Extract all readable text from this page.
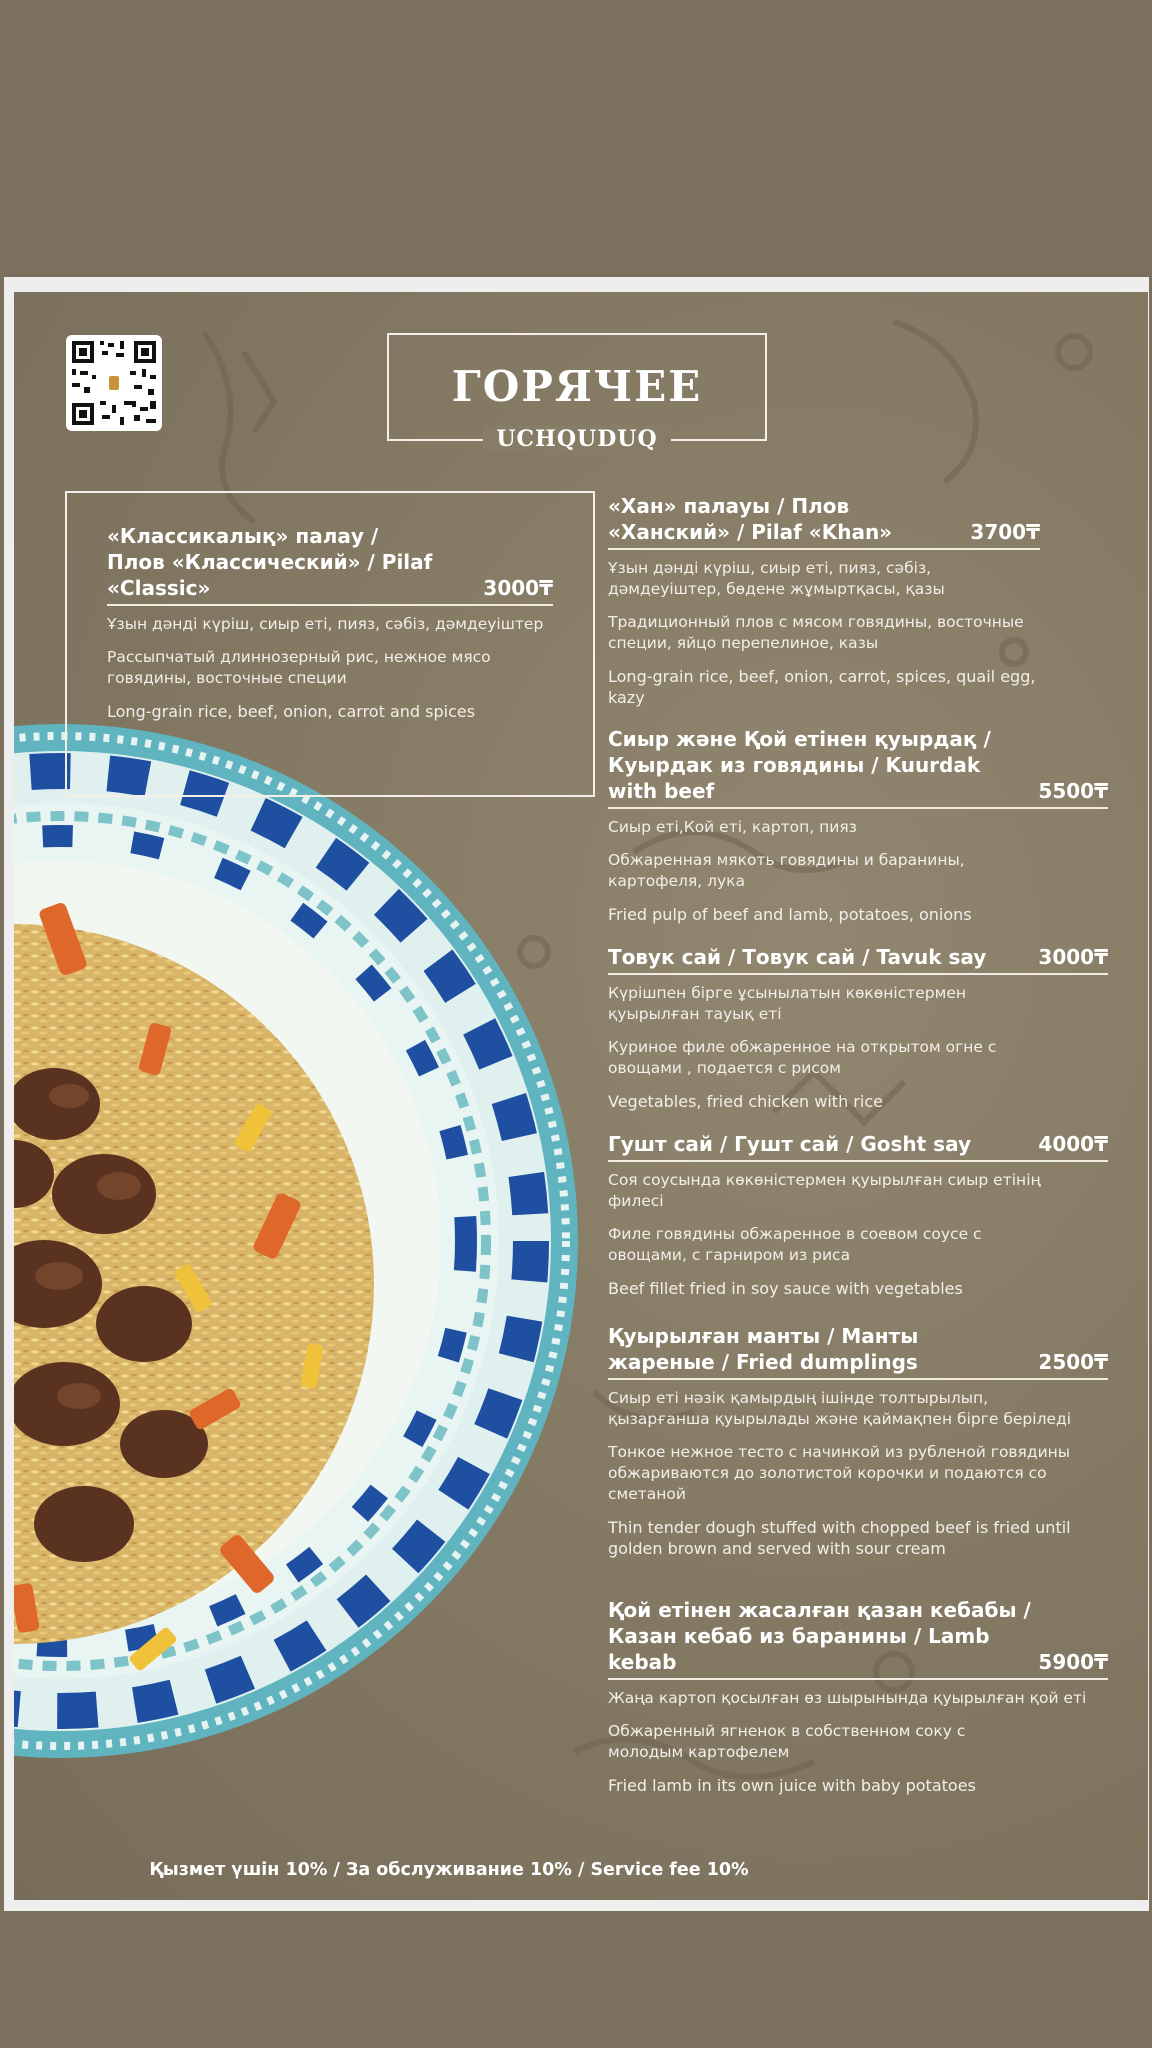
ГОРЯЧЕЕ
UCHQUDUQ
«Классикалық» палау / Плов «Классический» / Pilaf «Classic»	3000₸
Ұзын дәнді күріш, сиыр еті, пияз, сәбіз, дәмдеуіштер
Рассыпчатый длиннозерный рис, нежное мясо говядины, восточные специи
Long-grain rice, beef, onion, carrot and spices
«Хан» палауы / Плов «Ханский» / Pilaf «Khan»	3700₸
Ұзын дәнді күріш, сиыр еті, пияз, сәбіз, дәмдеуіштер, бөдене жұмыртқасы, қазы
Традиционный плов с мясом говядины, восточные специи, яйцо перепелиное, казы
Long-grain rice, beef, onion, carrot, spices, quail egg, kazy
Сиыр және Қой етінен қуырдақ / Куырдак из говядины / Kuurdak with beef	5500₸
Сиыр еті,Кой еті, картоп, пияз
Обжаренная мякоть говядины и баранины, картофеля, лука
Fried pulp of beef and lamb, potatoes, onions
Товук сай / Товук сай / Tavuk say	3000₸
Күрішпен бірге ұсынылатын көкөністермен қуырылған тауық еті
Куриное филе обжаренное на открытом огне с овощами , подается с рисом
Vegetables, fried chicken with rice
Гушт сай / Гушт сай / Gosht say	4000₸
Соя соусында көкөністермен қуырылған сиыр етінің филесі
Филе говядины обжаренное в соевом соусе с овощами, с гарниром из риса
Beef fillet fried in soy sauce with vegetables
Қуырылған манты / Манты жареные / Fried dumplings	2500₸
Сиыр еті нәзік қамырдың ішінде толтырылып, қызарғанша қуырылады және қаймақпен бірге беріледі
Тонкое нежное тесто с начинкой из рубленой говядины обжариваются до золотистой корочки и подаются со сметаной
Thin tender dough stuffed with chopped beef is fried until golden brown and served with sour cream
Қой етінен жасалған қазан кебабы / Казан кебаб из баранины / Lamb kebab	5900₸
Жаңа картоп қосылған өз шырынында қуырылған қой еті
Обжаренный ягненок в собственном соку с молодым картофелем
Fried lamb in its own juice with baby potatoes
Қызмет үшін 10% / За обслуживание 10% / Service fee 10%
